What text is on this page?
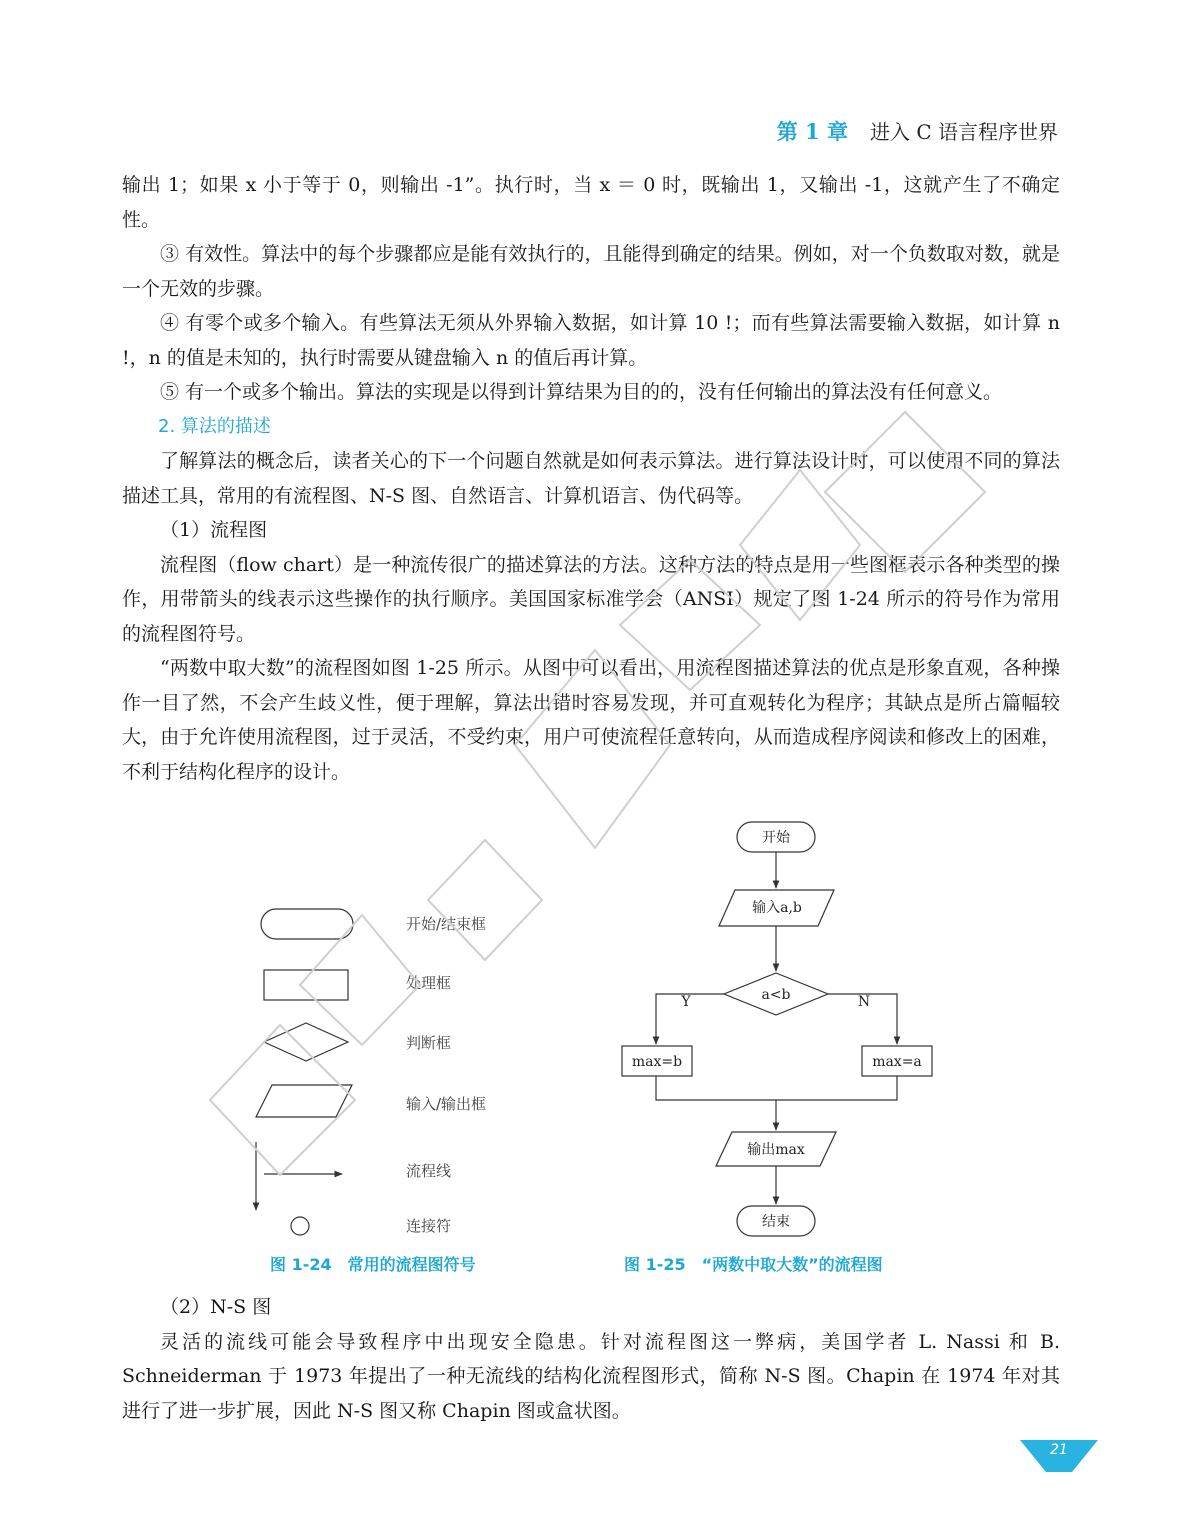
第 1 章 进入 C 语言程序世界

输出 1；如果 x 小于等于 0，则输出 -1”。执行时，当 x ＝ 0 时，既输出 1，又输出 -1，这就产生了不确定性。

③ 有效性。算法中的每个步骤都应是能有效执行的，且能得到确定的结果。例如，对一个负数取对数，就是一个无效的步骤。

④ 有零个或多个输入。有些算法无须从外界输入数据，如计算 10 !；而有些算法需要输入数据，如计算 n !，n 的值是未知的，执行时需要从键盘输入 n 的值后再计算。

⑤ 有一个或多个输出。算法的实现是以得到计算结果为目的的，没有任何输出的算法没有任何意义。

2. 算法的描述

了解算法的概念后，读者关心的下一个问题自然就是如何表示算法。进行算法设计时，可以使用不同的算法描述工具，常用的有流程图、N-S 图、自然语言、计算机语言、伪代码等。

（1）流程图

流程图（flow chart）是一种流传很广的描述算法的方法。这种方法的特点是用一些图框表示各种类型的操作，用带箭头的线表示这些操作的执行顺序。美国国家标准学会（ANSI）规定了图 1-24 所示的符号作为常用的流程图符号。

“两数中取大数”的流程图如图 1-25 所示。从图中可以看出，用流程图描述算法的优点是形象直观，各种操作一目了然，不会产生歧义性，便于理解，算法出错时容易发现，并可直观转化为程序；其缺点是所占篇幅较大，由于允许使用流程图，过于灵活，不受约束，用户可使流程任意转向，从而造成程序阅读和修改上的困难，不利于结构化程序的设计。

开始/结束框
处理框
判断框
输入/输出框
流程线
连接符
开始
输入a,b
a<b
Y	N
max=b	max=a
输出max
结束
图 1-24　常用的流程图符号	图 1-25　“两数中取大数”的流程图

（2）N-S 图

灵活的流线可能会导致程序中出现安全隐患。针对流程图这一弊病，美国学者 L. Nassi 和 B. Schneiderman 于 1973 年提出了一种无流线的结构化流程图形式，简称 N-S 图。Chapin 在 1974 年对其进行了进一步扩展，因此 N-S 图又称 Chapin 图或盒状图。

21
